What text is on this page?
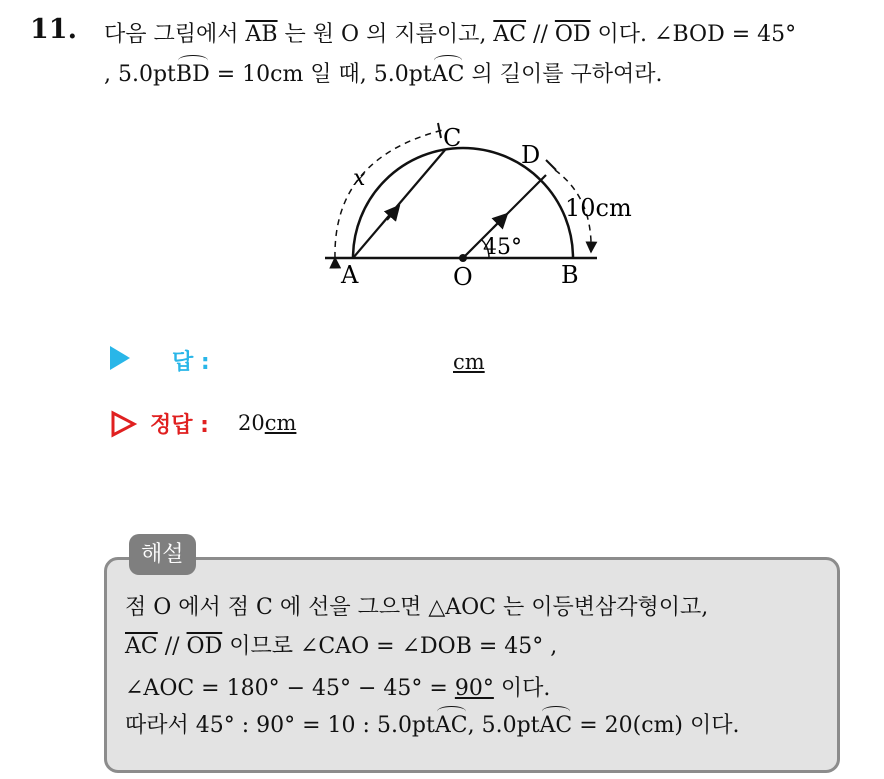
11. 다음 그림에서 $\overline{AB}$ 는 원 O 의 지름이고, $\overline{AC} // \overline{OD}$ 이다. ∠BOD = 45°
, 5.0ptBD = 10cm 일 때, 5.0ptAC 의 길이를 구하여라.
A	O	B
C
D
x
10cm
45°
답 :	cm
정답 : 20cm
해설
점 O 에서 점 C 에 선을 그으면 △AOC 는 이등변삼각형이고,
$\overline{AC} // \overline{OD}$ 이므로 ∠CAO = ∠DOB = 45° ,
∠AOC = 180° − 45° − 45° = 90° 이다.
따라서 45° : 90° = 10 : 5.0ptAC, 5.0ptAC = 20(cm) 이다.
